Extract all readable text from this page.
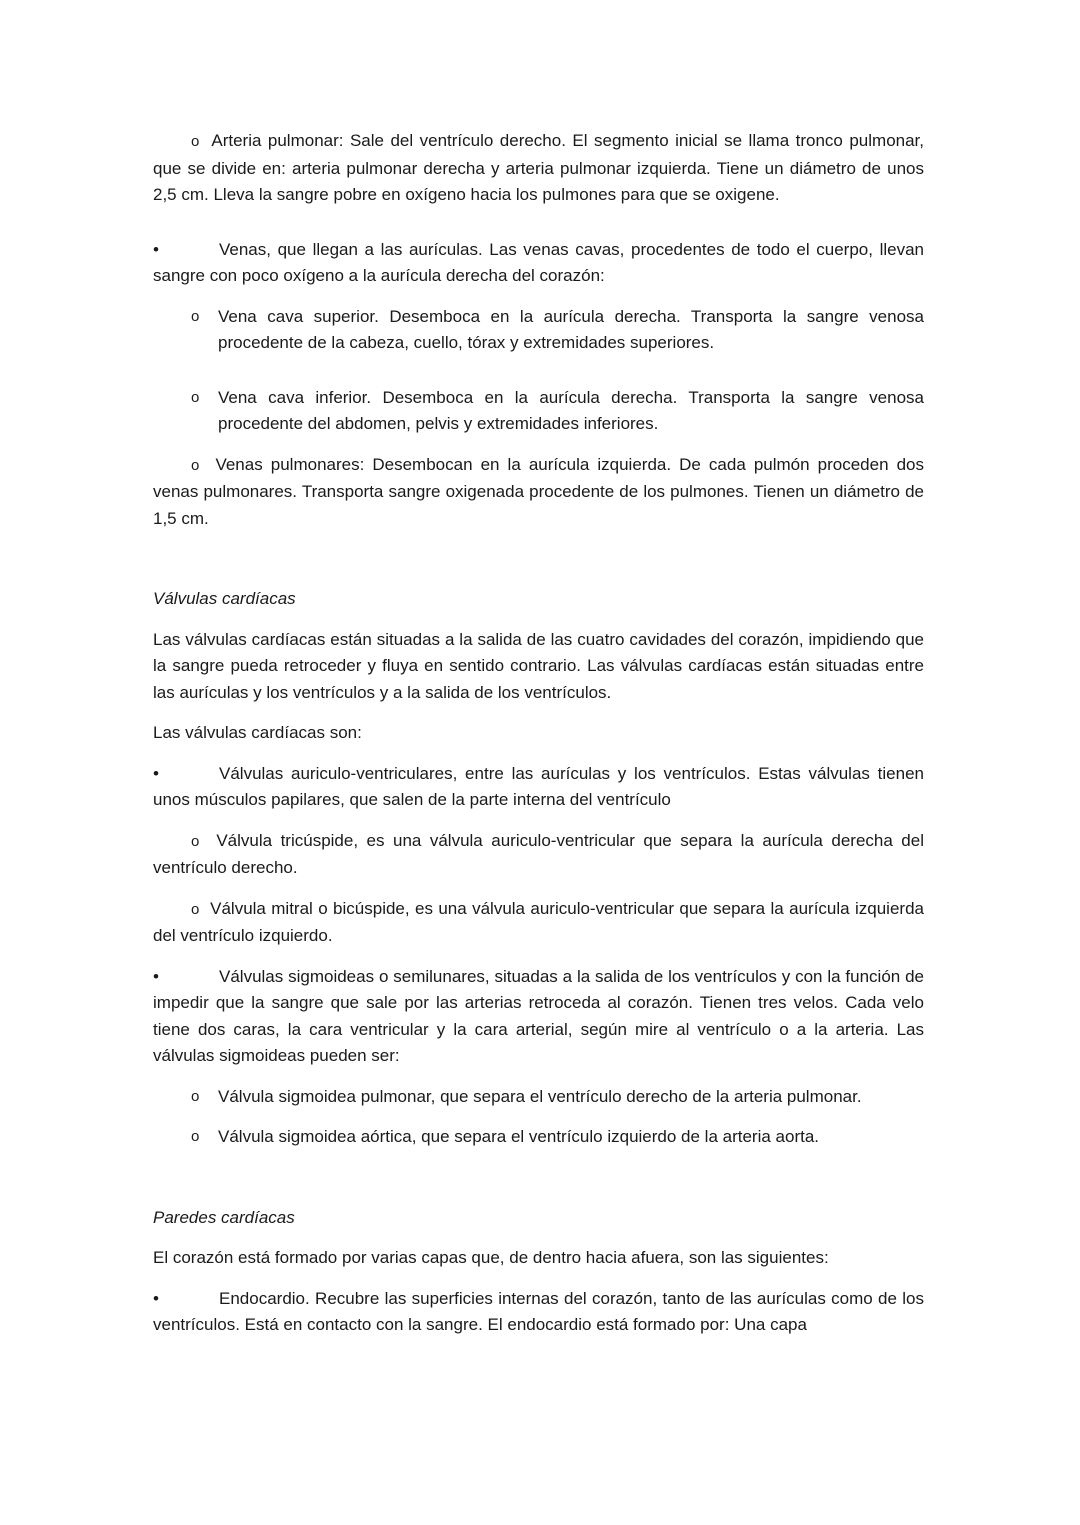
o Arteria pulmonar: Sale del ventrículo derecho. El segmento inicial se llama tronco pulmonar, que se divide en: arteria pulmonar derecha y arteria pulmonar izquierda. Tiene un diámetro de unos 2,5 cm. Lleva la sangre pobre en oxígeno hacia los pulmones para que se oxigene.
•	Venas, que llegan a las aurículas. Las venas cavas, procedentes de todo el cuerpo, llevan sangre con poco oxígeno a la aurícula derecha del corazón:
o Vena cava superior. Desemboca en la aurícula derecha. Transporta la sangre venosa procedente de la cabeza, cuello, tórax y extremidades superiores.
o Vena cava inferior. Desemboca en la aurícula derecha. Transporta la sangre venosa procedente del abdomen, pelvis y extremidades inferiores.
o Venas pulmonares: Desembocan en la aurícula izquierda. De cada pulmón proceden dos venas pulmonares. Transporta sangre oxigenada procedente de los pulmones. Tienen un diámetro de 1,5 cm.

Válvulas cardíacas

Las válvulas cardíacas están situadas a la salida de las cuatro cavidades del corazón, impidiendo que la sangre pueda retroceder y fluya en sentido contrario. Las válvulas cardíacas están situadas entre las aurículas y los ventrículos y a la salida de los ventrículos.

Las válvulas cardíacas son:

•	Válvulas auriculo-ventriculares, entre las aurículas y los ventrículos. Estas válvulas tienen unos músculos papilares, que salen de la parte interna del ventrículo
o Válvula tricúspide, es una válvula auriculo-ventricular que separa la aurícula derecha del ventrículo derecho.
o Válvula mitral o bicúspide, es una válvula auriculo-ventricular que separa la aurícula izquierda del ventrículo izquierdo.
•	Válvulas sigmoideas o semilunares, situadas a la salida de los ventrículos y con la función de impedir que la sangre que sale por las arterias retroceda al corazón. Tienen tres velos. Cada velo tiene dos caras, la cara ventricular y la cara arterial, según mire al ventrículo o a la arteria. Las válvulas sigmoideas pueden ser:
o Válvula sigmoidea pulmonar, que separa el ventrículo derecho de la arteria pulmonar.
o Válvula sigmoidea aórtica, que separa el ventrículo izquierdo de la arteria aorta.

Paredes cardíacas

El corazón está formado por varias capas que, de dentro hacia afuera, son las siguientes:

•	Endocardio. Recubre las superficies internas del corazón, tanto de las aurículas como de los ventrículos. Está en contacto con la sangre. El endocardio está formado por: Una capa
